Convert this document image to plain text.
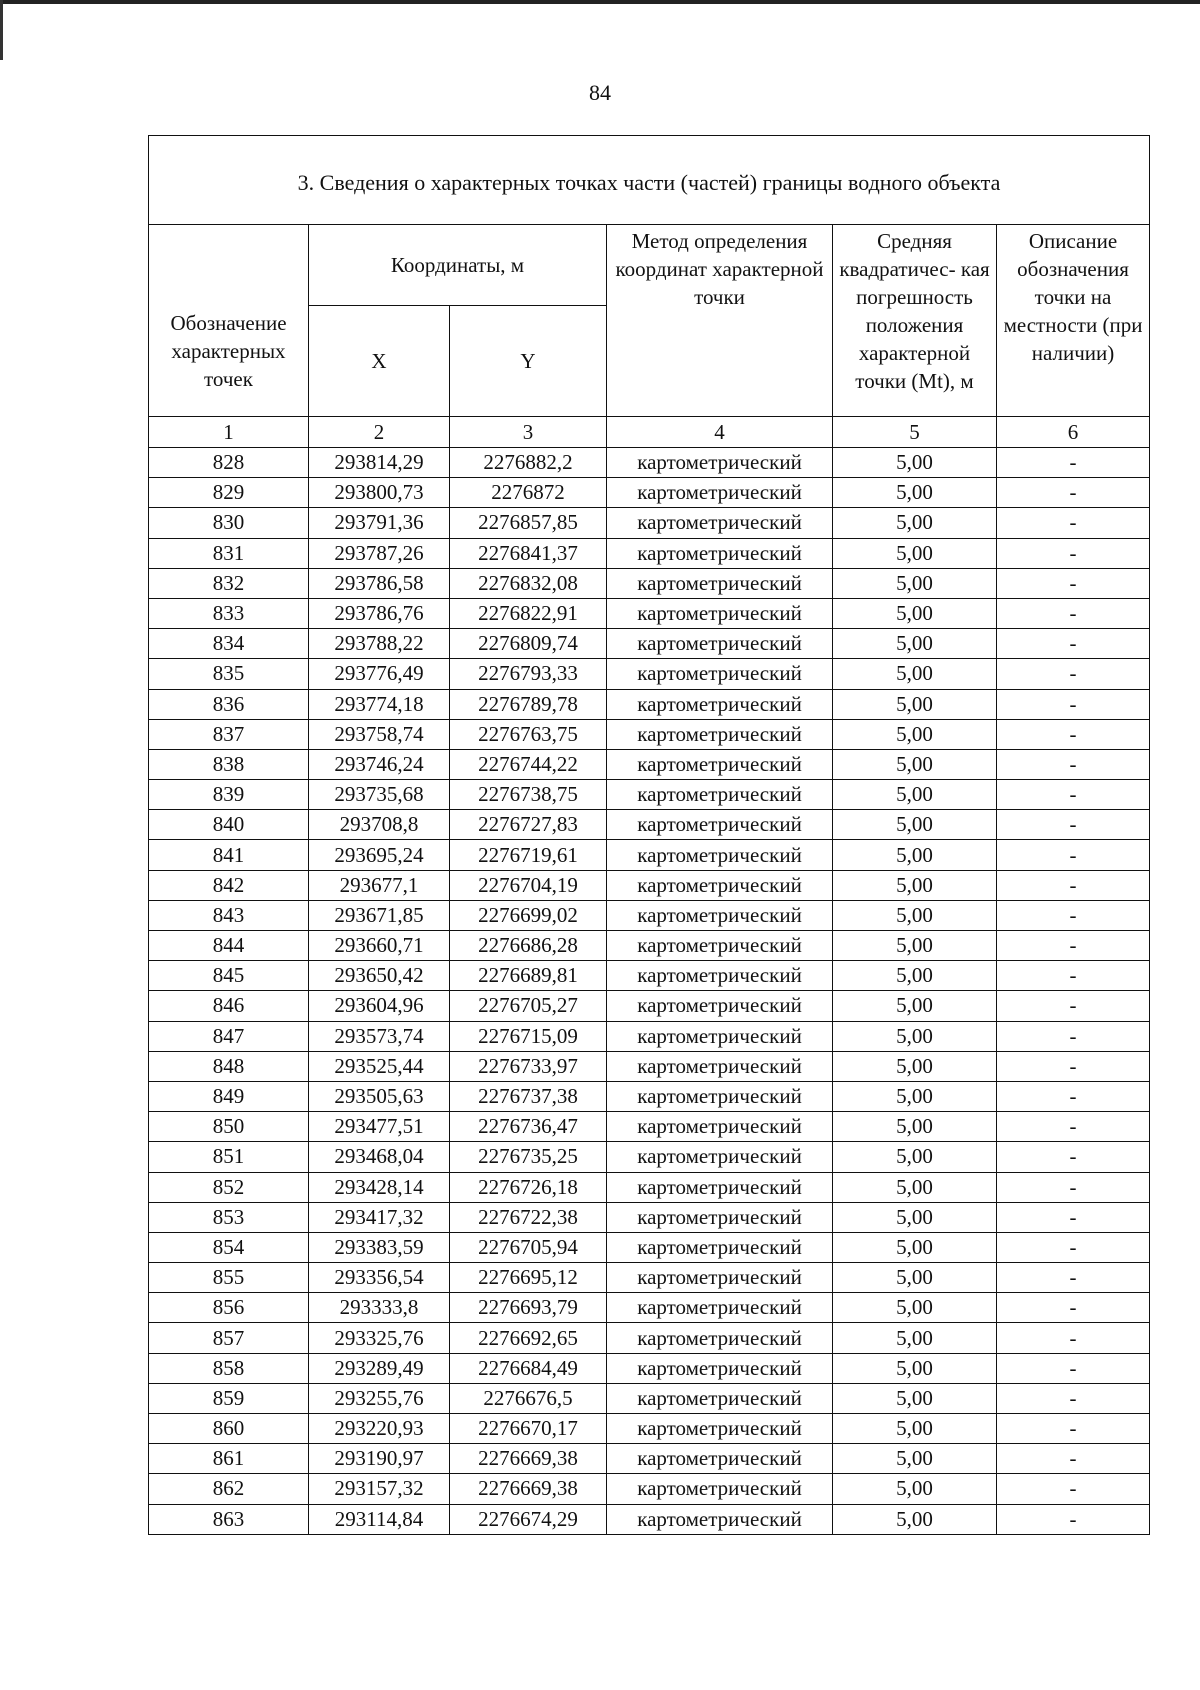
84
3. Сведения о характерных точках части (частей) границы водного объекта					
Обозначение характерных точек	Координаты, м		Метод определения координат характерной точки	Средняя квадратичес- кая погрешность положения характерной точки (Mt), м	Описание обозначения точки на местности (при наличии)
	X	Y			
1	2	3	4	5	6
828	293814,29	2276882,2	картометрический	5,00	-
829	293800,73	2276872	картометрический	5,00	-
830	293791,36	2276857,85	картометрический	5,00	-
831	293787,26	2276841,37	картометрический	5,00	-
832	293786,58	2276832,08	картометрический	5,00	-
833	293786,76	2276822,91	картометрический	5,00	-
834	293788,22	2276809,74	картометрический	5,00	-
835	293776,49	2276793,33	картометрический	5,00	-
836	293774,18	2276789,78	картометрический	5,00	-
837	293758,74	2276763,75	картометрический	5,00	-
838	293746,24	2276744,22	картометрический	5,00	-
839	293735,68	2276738,75	картометрический	5,00	-
840	293708,8	2276727,83	картометрический	5,00	-
841	293695,24	2276719,61	картометрический	5,00	-
842	293677,1	2276704,19	картометрический	5,00	-
843	293671,85	2276699,02	картометрический	5,00	-
844	293660,71	2276686,28	картометрический	5,00	-
845	293650,42	2276689,81	картометрический	5,00	-
846	293604,96	2276705,27	картометрический	5,00	-
847	293573,74	2276715,09	картометрический	5,00	-
848	293525,44	2276733,97	картометрический	5,00	-
849	293505,63	2276737,38	картометрический	5,00	-
850	293477,51	2276736,47	картометрический	5,00	-
851	293468,04	2276735,25	картометрический	5,00	-
852	293428,14	2276726,18	картометрический	5,00	-
853	293417,32	2276722,38	картометрический	5,00	-
854	293383,59	2276705,94	картометрический	5,00	-
855	293356,54	2276695,12	картометрический	5,00	-
856	293333,8	2276693,79	картометрический	5,00	-
857	293325,76	2276692,65	картометрический	5,00	-
858	293289,49	2276684,49	картометрический	5,00	-
859	293255,76	2276676,5	картометрический	5,00	-
860	293220,93	2276670,17	картометрический	5,00	-
861	293190,97	2276669,38	картометрический	5,00	-
862	293157,32	2276669,38	картометрический	5,00	-
863	293114,84	2276674,29	картометрический	5,00	-
